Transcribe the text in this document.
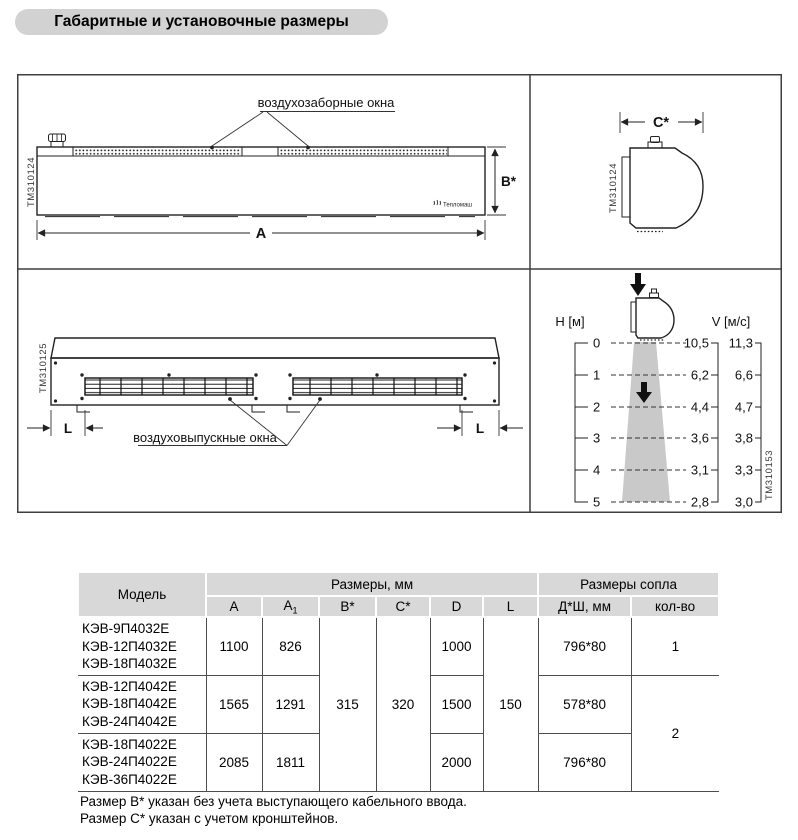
Габаритные и установочные размеры
TM310124	Тепломаш
воздухозаборные окна
A
B*	TM310124
C*
TM310125
L	L
воздуховыпускные окна
H [м]
0
1
2
3
4
5
V [м/с]
10,5
6,2
4,4
3,6
3,1
2,8
11,3
6,6
4,7
3,8
3,3
3,0
TM310153
Модель	Размеры, мм						Размеры сопла	
	A	$A_1$	B*	C*	D	L	Д*Ш, мм	кол-во

КЭВ-9П4032Е
КЭВ-12П4032Е
КЭВ-18П4032Е	1100	826	315	320	1000	150	796*80	1

КЭВ-12П4042Е
КЭВ-18П4042Е
КЭВ-24П4042Е	1565	1291			1500		578*80	2

КЭВ-18П4022Е
КЭВ-24П4022Е
КЭВ-36П4022Е	2085	1811			2000		796*80	
Размер В* указан без учета выступающего кабельного ввода.
Размер С* указан с учетом кронштейнов.
